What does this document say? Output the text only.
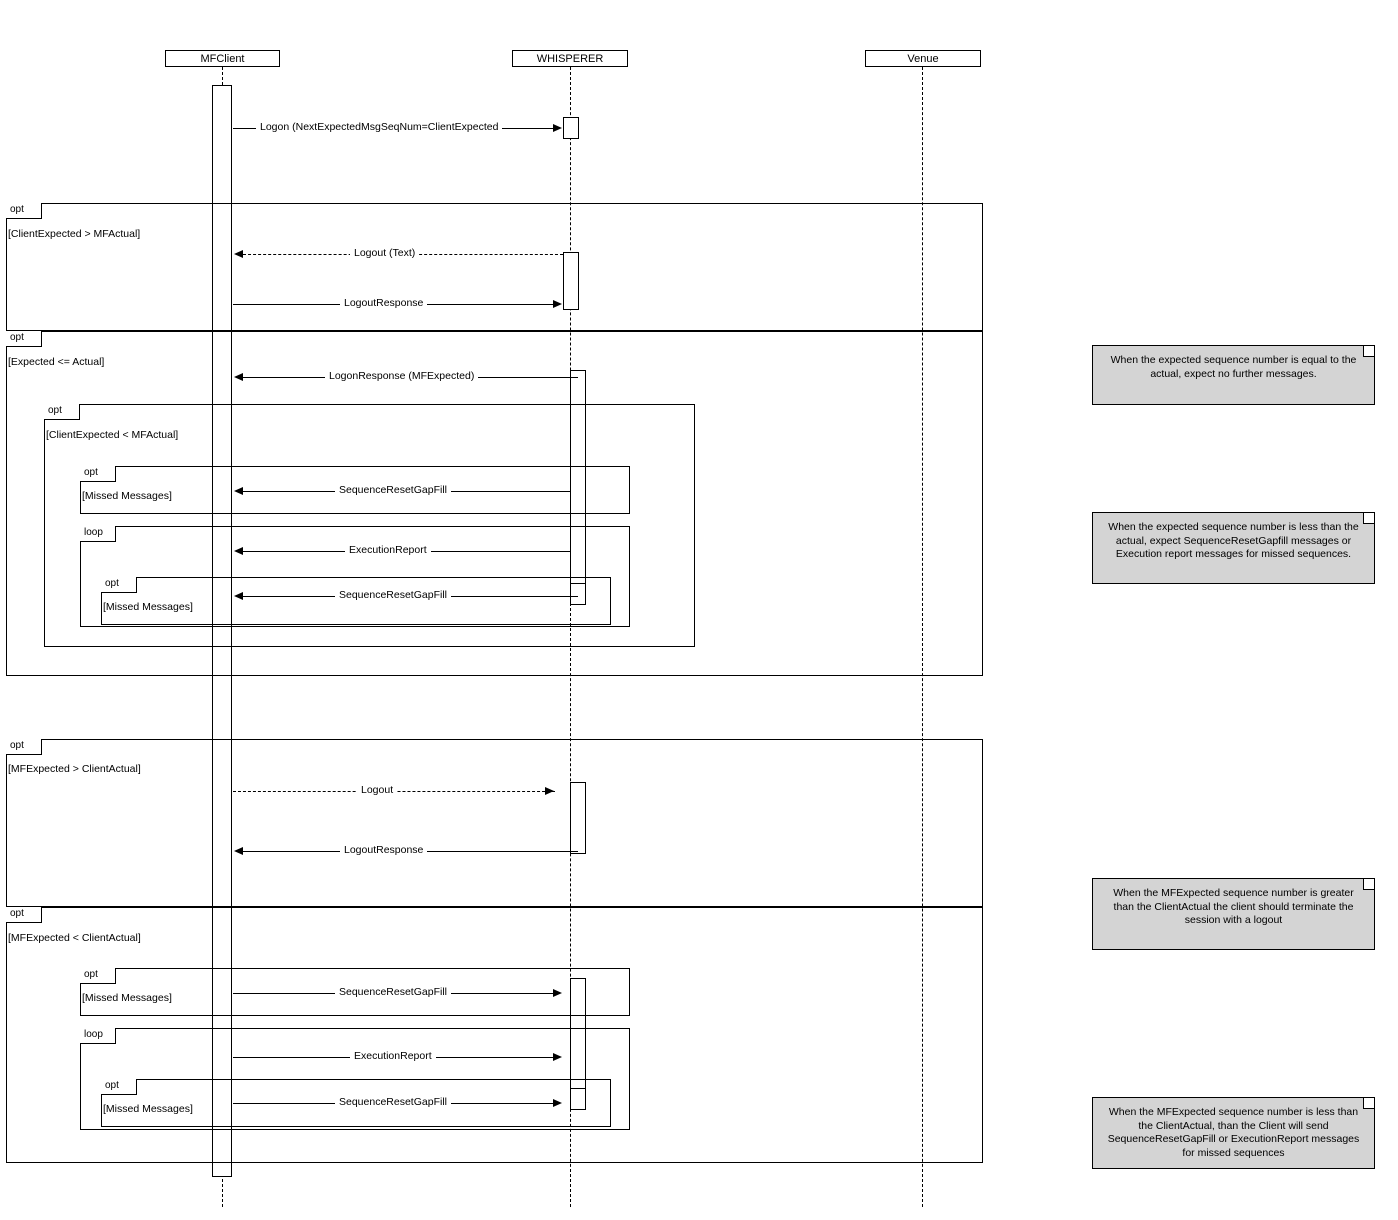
MFClient	WHISPERER	Venue
opt
[ClientExpected > MFActual]
opt
[Expected <= Actual]
opt
[ClientExpected < MFActual]
opt
[Missed Messages]
loop
opt
[Missed Messages]
opt
[MFExpected > ClientActual]
opt
[MFExpected < ClientActual]
opt
[Missed Messages]
loop
opt
[Missed Messages]
Logon (NextExpectedMsgSeqNum=ClientExpected
Logout (Text)
LogoutResponse
LogonResponse (MFExpected)
SequenceResetGapFill
ExecutionReport
SequenceResetGapFill
Logout
LogoutResponse
SequenceResetGapFill
ExecutionReport
SequenceResetGapFill
When the expected sequence number is equal to the actual, expect no further messages.
When the expected sequence number is less than the actual, expect SequenceResetGapfill messages or Execution report messages for missed sequences.
When the MFExpected sequence number is greater than the ClientActual the client should terminate the session with a logout
When the MFExpected sequence number is less than the ClientActual, than the Client will send SequenceResetGapFill or ExecutionReport messages for missed sequences
